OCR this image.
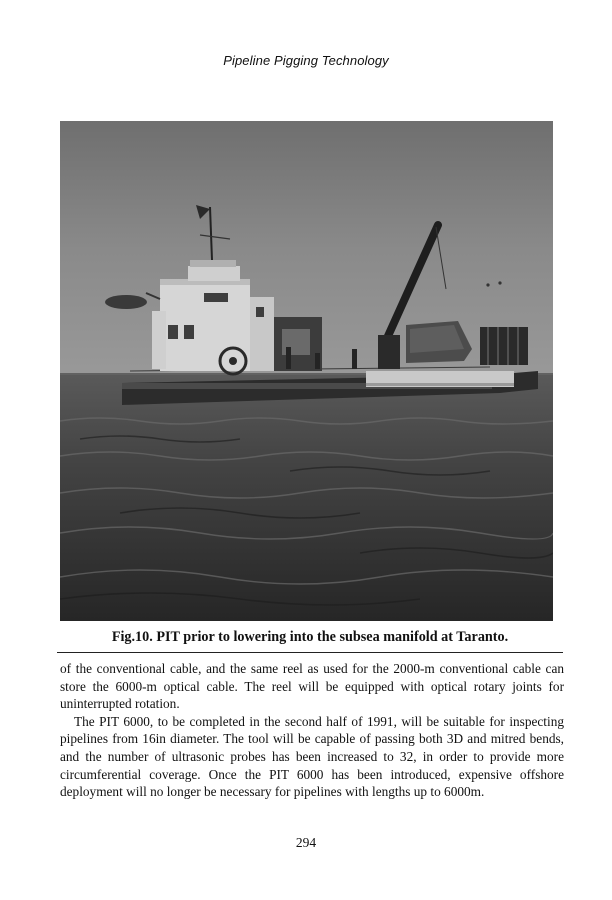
Pipeline Pigging Technology
Fig.10. PIT prior to lowering into the subsea manifold at Taranto.

of the conventional cable, and the same reel as used for the 2000-m conventional cable can store the 6000-m optical cable. The reel will be equipped with optical rotary joints for uninterrupted rotation.

The PIT 6000, to be completed in the second half of 1991, will be suitable for inspecting pipelines from 16in diameter. The tool will be capable of passing both 3D and mitred bends, and the number of ultrasonic probes has been increased to 32, in order to provide more circumferential coverage. Once the PIT 6000 has been introduced, expensive offshore deployment will no longer be necessary for pipelines with lengths up to 6000m.

294
